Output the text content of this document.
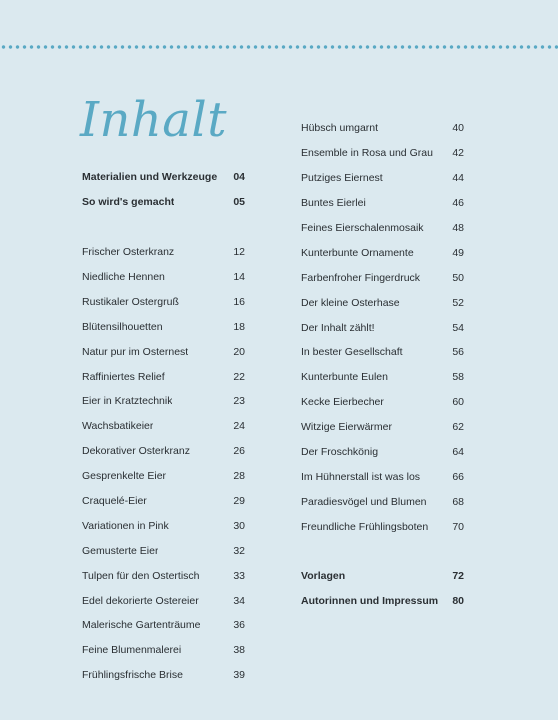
Inhalt
Materialien und Werkzeuge	04
So wird's gemacht	05
Frischer Osterkranz	12
Niedliche Hennen	14
Rustikaler Ostergruß	16
Blütensilhouetten	18
Natur pur im Osternest	20
Raffiniertes Relief	22
Eier in Kratztechnik	23
Wachsbatikeier	24
Dekorativer Osterkranz	26
Gesprenkelte Eier	28
Craquelé-Eier	29
Variationen in Pink	30
Gemusterte Eier	32
Tulpen für den Ostertisch	33
Edel dekorierte Ostereier	34
Malerische Gartenträume	36
Feine Blumenmalerei	38
Frühlingsfrische Brise	39
Hübsch umgarnt	40
Ensemble in Rosa und Grau	42
Putziges Eiernest	44
Buntes Eierlei	46
Feines Eierschalenmosaik	48
Kunterbunte Ornamente	49
Farbenfroher Fingerdruck	50
Der kleine Osterhase	52
Der Inhalt zählt!	54
In bester Gesellschaft	56
Kunterbunte Eulen	58
Kecke Eierbecher	60
Witzige Eierwärmer	62
Der Froschkönig	64
Im Hühnerstall ist was los	66
Paradiesvögel und Blumen	68
Freundliche Frühlingsboten	70
Vorlagen	72
Autorinnen und Impressum	80
